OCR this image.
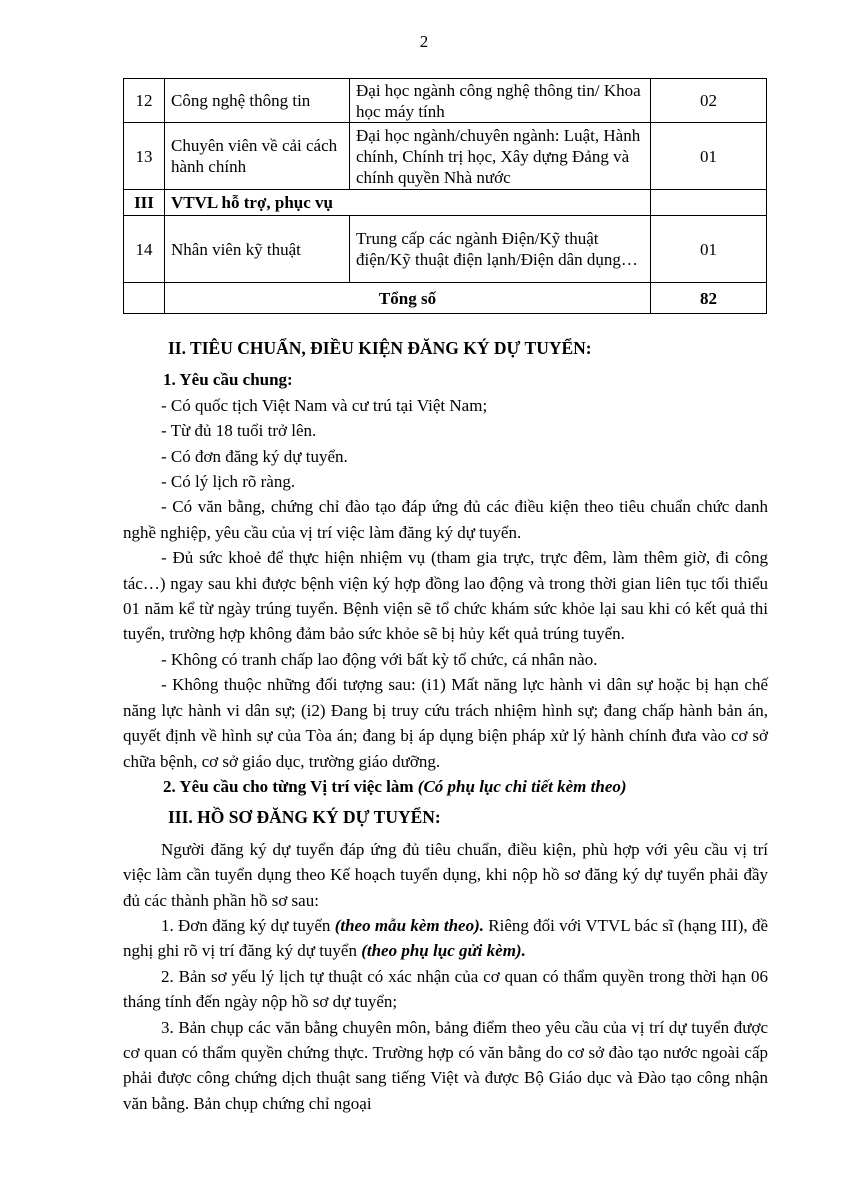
2
12	Công nghệ thông tin	Đại học ngành công nghệ thông tin/ Khoa học máy tính	02
13	Chuyên viên về cải cách hành chính	Đại học ngành/chuyên ngành: Luật, Hành chính, Chính trị học, Xây dựng Đảng và chính quyền Nhà nước	01
III	VTVL hỗ trợ, phục vụ		
14	Nhân viên kỹ thuật	Trung cấp các ngành Điện/Kỹ thuật điện/Kỹ thuật điện lạnh/Điện dân dụng…	01
	Tổng số		82

II. TIÊU CHUẨN, ĐIỀU KIỆN ĐĂNG KÝ DỰ TUYỂN:

1. Yêu cầu chung:

- Có quốc tịch Việt Nam và cư trú tại Việt Nam;

- Từ đủ 18 tuổi trở lên.

- Có đơn đăng ký dự tuyển.

- Có lý lịch rõ ràng.

- Có văn bằng, chứng chỉ đào tạo đáp ứng đủ các điều kiện theo tiêu chuẩn chức danh nghề nghiệp, yêu cầu của vị trí việc làm đăng ký dự tuyển.

- Đủ sức khoẻ để thực hiện nhiệm vụ (tham gia trực, trực đêm, làm thêm giờ, đi công tác…) ngay sau khi được bệnh viện ký hợp đồng lao động và trong thời gian liên tục tối thiểu 01 năm kể từ ngày trúng tuyển. Bệnh viện sẽ tổ chức khám sức khỏe lại sau khi có kết quả thi tuyển, trường hợp không đảm bảo sức khỏe sẽ bị hủy kết quả trúng tuyển.

- Không có tranh chấp lao động với bất kỳ tổ chức, cá nhân nào.

- Không thuộc những đối tượng sau: (i1) Mất năng lực hành vi dân sự hoặc bị hạn chế năng lực hành vi dân sự; (i2) Đang bị truy cứu trách nhiệm hình sự; đang chấp hành bản án, quyết định về hình sự của Tòa án; đang bị áp dụng biện pháp xử lý hành chính đưa vào cơ sở chữa bệnh, cơ sở giáo dục, trường giáo dưỡng.

2. Yêu cầu cho từng Vị trí việc làm (Có phụ lục chi tiết kèm theo)

III. HỒ SƠ ĐĂNG KÝ DỰ TUYỂN:

Người đăng ký dự tuyển đáp ứng đủ tiêu chuẩn, điều kiện, phù hợp với yêu cầu vị trí việc làm cần tuyển dụng theo Kế hoạch tuyển dụng, khi nộp hồ sơ đăng ký dự tuyển phải đầy đủ các thành phần hồ sơ sau:

1. Đơn đăng ký dự tuyển (theo mẫu kèm theo). Riêng đối với VTVL bác sĩ (hạng III), đề nghị ghi rõ vị trí đăng ký dự tuyển (theo phụ lục gửi kèm).

2. Bản sơ yếu lý lịch tự thuật có xác nhận của cơ quan có thẩm quyền trong thời hạn 06 tháng tính đến ngày nộp hồ sơ dự tuyển;

3. Bản chụp các văn bằng chuyên môn, bảng điểm theo yêu cầu của vị trí dự tuyển được cơ quan có thẩm quyền chứng thực. Trường hợp có văn bằng do cơ sở đào tạo nước ngoài cấp phải được công chứng dịch thuật sang tiếng Việt và được Bộ Giáo dục và Đào tạo công nhận văn bằng. Bản chụp chứng chỉ ngoại
